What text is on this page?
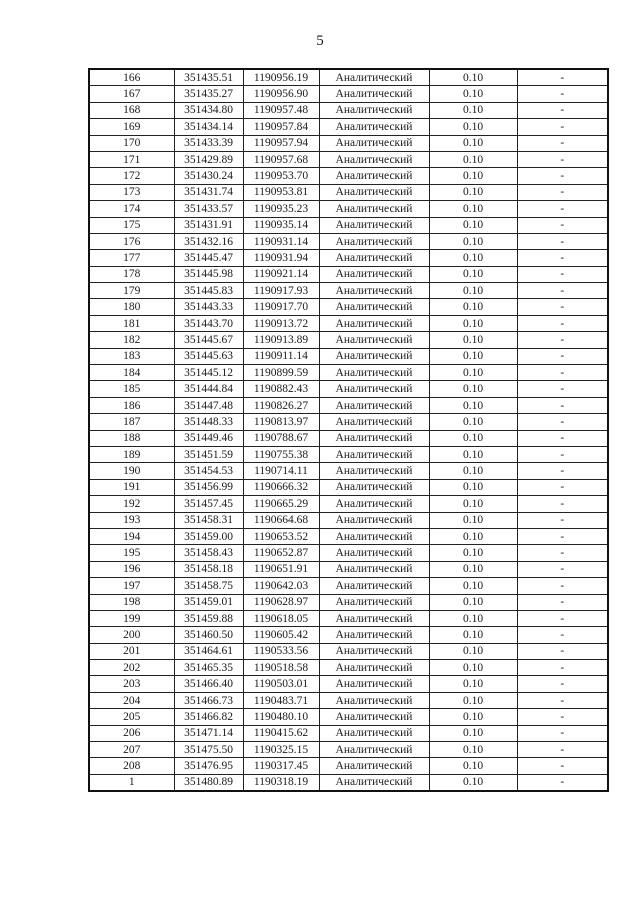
5
166	351435.51	1190956.19	Аналитический	0.10	-
167	351435.27	1190956.90	Аналитический	0.10	-
168	351434.80	1190957.48	Аналитический	0.10	-
169	351434.14	1190957.84	Аналитический	0.10	-
170	351433.39	1190957.94	Аналитический	0.10	-
171	351429.89	1190957.68	Аналитический	0.10	-
172	351430.24	1190953.70	Аналитический	0.10	-
173	351431.74	1190953.81	Аналитический	0.10	-
174	351433.57	1190935.23	Аналитический	0.10	-
175	351431.91	1190935.14	Аналитический	0.10	-
176	351432.16	1190931.14	Аналитический	0.10	-
177	351445.47	1190931.94	Аналитический	0.10	-
178	351445.98	1190921.14	Аналитический	0.10	-
179	351445.83	1190917.93	Аналитический	0.10	-
180	351443.33	1190917.70	Аналитический	0.10	-
181	351443.70	1190913.72	Аналитический	0.10	-
182	351445.67	1190913.89	Аналитический	0.10	-
183	351445.63	1190911.14	Аналитический	0.10	-
184	351445.12	1190899.59	Аналитический	0.10	-
185	351444.84	1190882.43	Аналитический	0.10	-
186	351447.48	1190826.27	Аналитический	0.10	-
187	351448.33	1190813.97	Аналитический	0.10	-
188	351449.46	1190788.67	Аналитический	0.10	-
189	351451.59	1190755.38	Аналитический	0.10	-
190	351454.53	1190714.11	Аналитический	0.10	-
191	351456.99	1190666.32	Аналитический	0.10	-
192	351457.45	1190665.29	Аналитический	0.10	-
193	351458.31	1190664.68	Аналитический	0.10	-
194	351459.00	1190653.52	Аналитический	0.10	-
195	351458.43	1190652.87	Аналитический	0.10	-
196	351458.18	1190651.91	Аналитический	0.10	-
197	351458.75	1190642.03	Аналитический	0.10	-
198	351459.01	1190628.97	Аналитический	0.10	-
199	351459.88	1190618.05	Аналитический	0.10	-
200	351460.50	1190605.42	Аналитический	0.10	-
201	351464.61	1190533.56	Аналитический	0.10	-
202	351465.35	1190518.58	Аналитический	0.10	-
203	351466.40	1190503.01	Аналитический	0.10	-
204	351466.73	1190483.71	Аналитический	0.10	-
205	351466.82	1190480.10	Аналитический	0.10	-
206	351471.14	1190415.62	Аналитический	0.10	-
207	351475.50	1190325.15	Аналитический	0.10	-
208	351476.95	1190317.45	Аналитический	0.10	-
1	351480.89	1190318.19	Аналитический	0.10	-
